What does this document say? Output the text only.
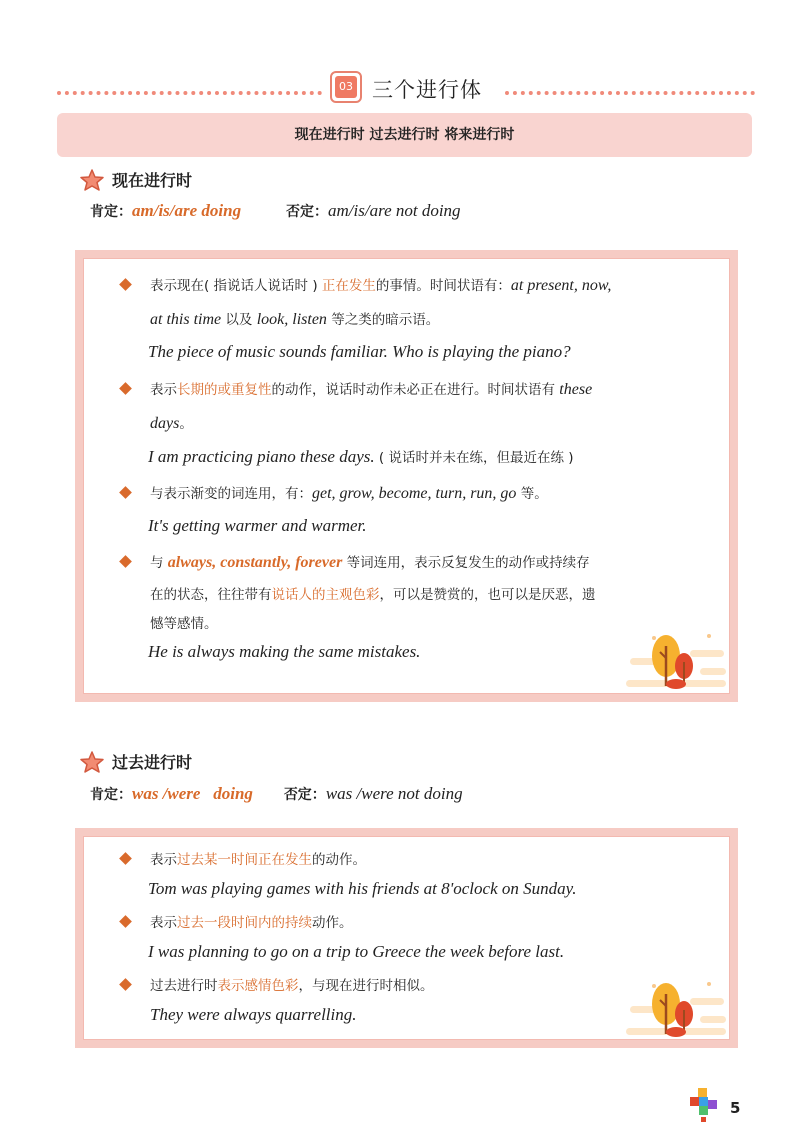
03 三个进行体
现在进行时 过去进行时 将来进行时
现在进行时
肯定：am/is/are doing	否定：am/is/are not doing
表示现在( 指说话人说话时 ) 正在发生的事情。时间状语有：at present, now,
at this time 以及 look, listen 等之类的暗示语。
The piece of music sounds familiar. Who is playing the piano?
表示长期的或重复性的动作，说话时动作未必正在进行。时间状语有 these
days。
I am practicing piano these days. ( 说话时并未在练，但最近在练 )
与表示渐变的词连用，有：get, grow, become, turn, run, go 等。
It's getting warmer and warmer.
与 always, constantly, forever 等词连用，表示反复发生的动作或持续存
在的状态，往往带有说话人的主观色彩，可以是赞赏的，也可以是厌恶，遗
憾等感情。
He is always making the same mistakes.
过去进行时
肯定：was /were   doing 否定：was /were not doing
表示过去某一时间正在发生的动作。
Tom was playing games with his friends at 8'oclock on Sunday.
表示过去一段时间内的持续动作。
I was planning to go on a trip to Greece the week before last.
过去进行时表示感情色彩，与现在进行时相似。
They were always quarrelling.
5
